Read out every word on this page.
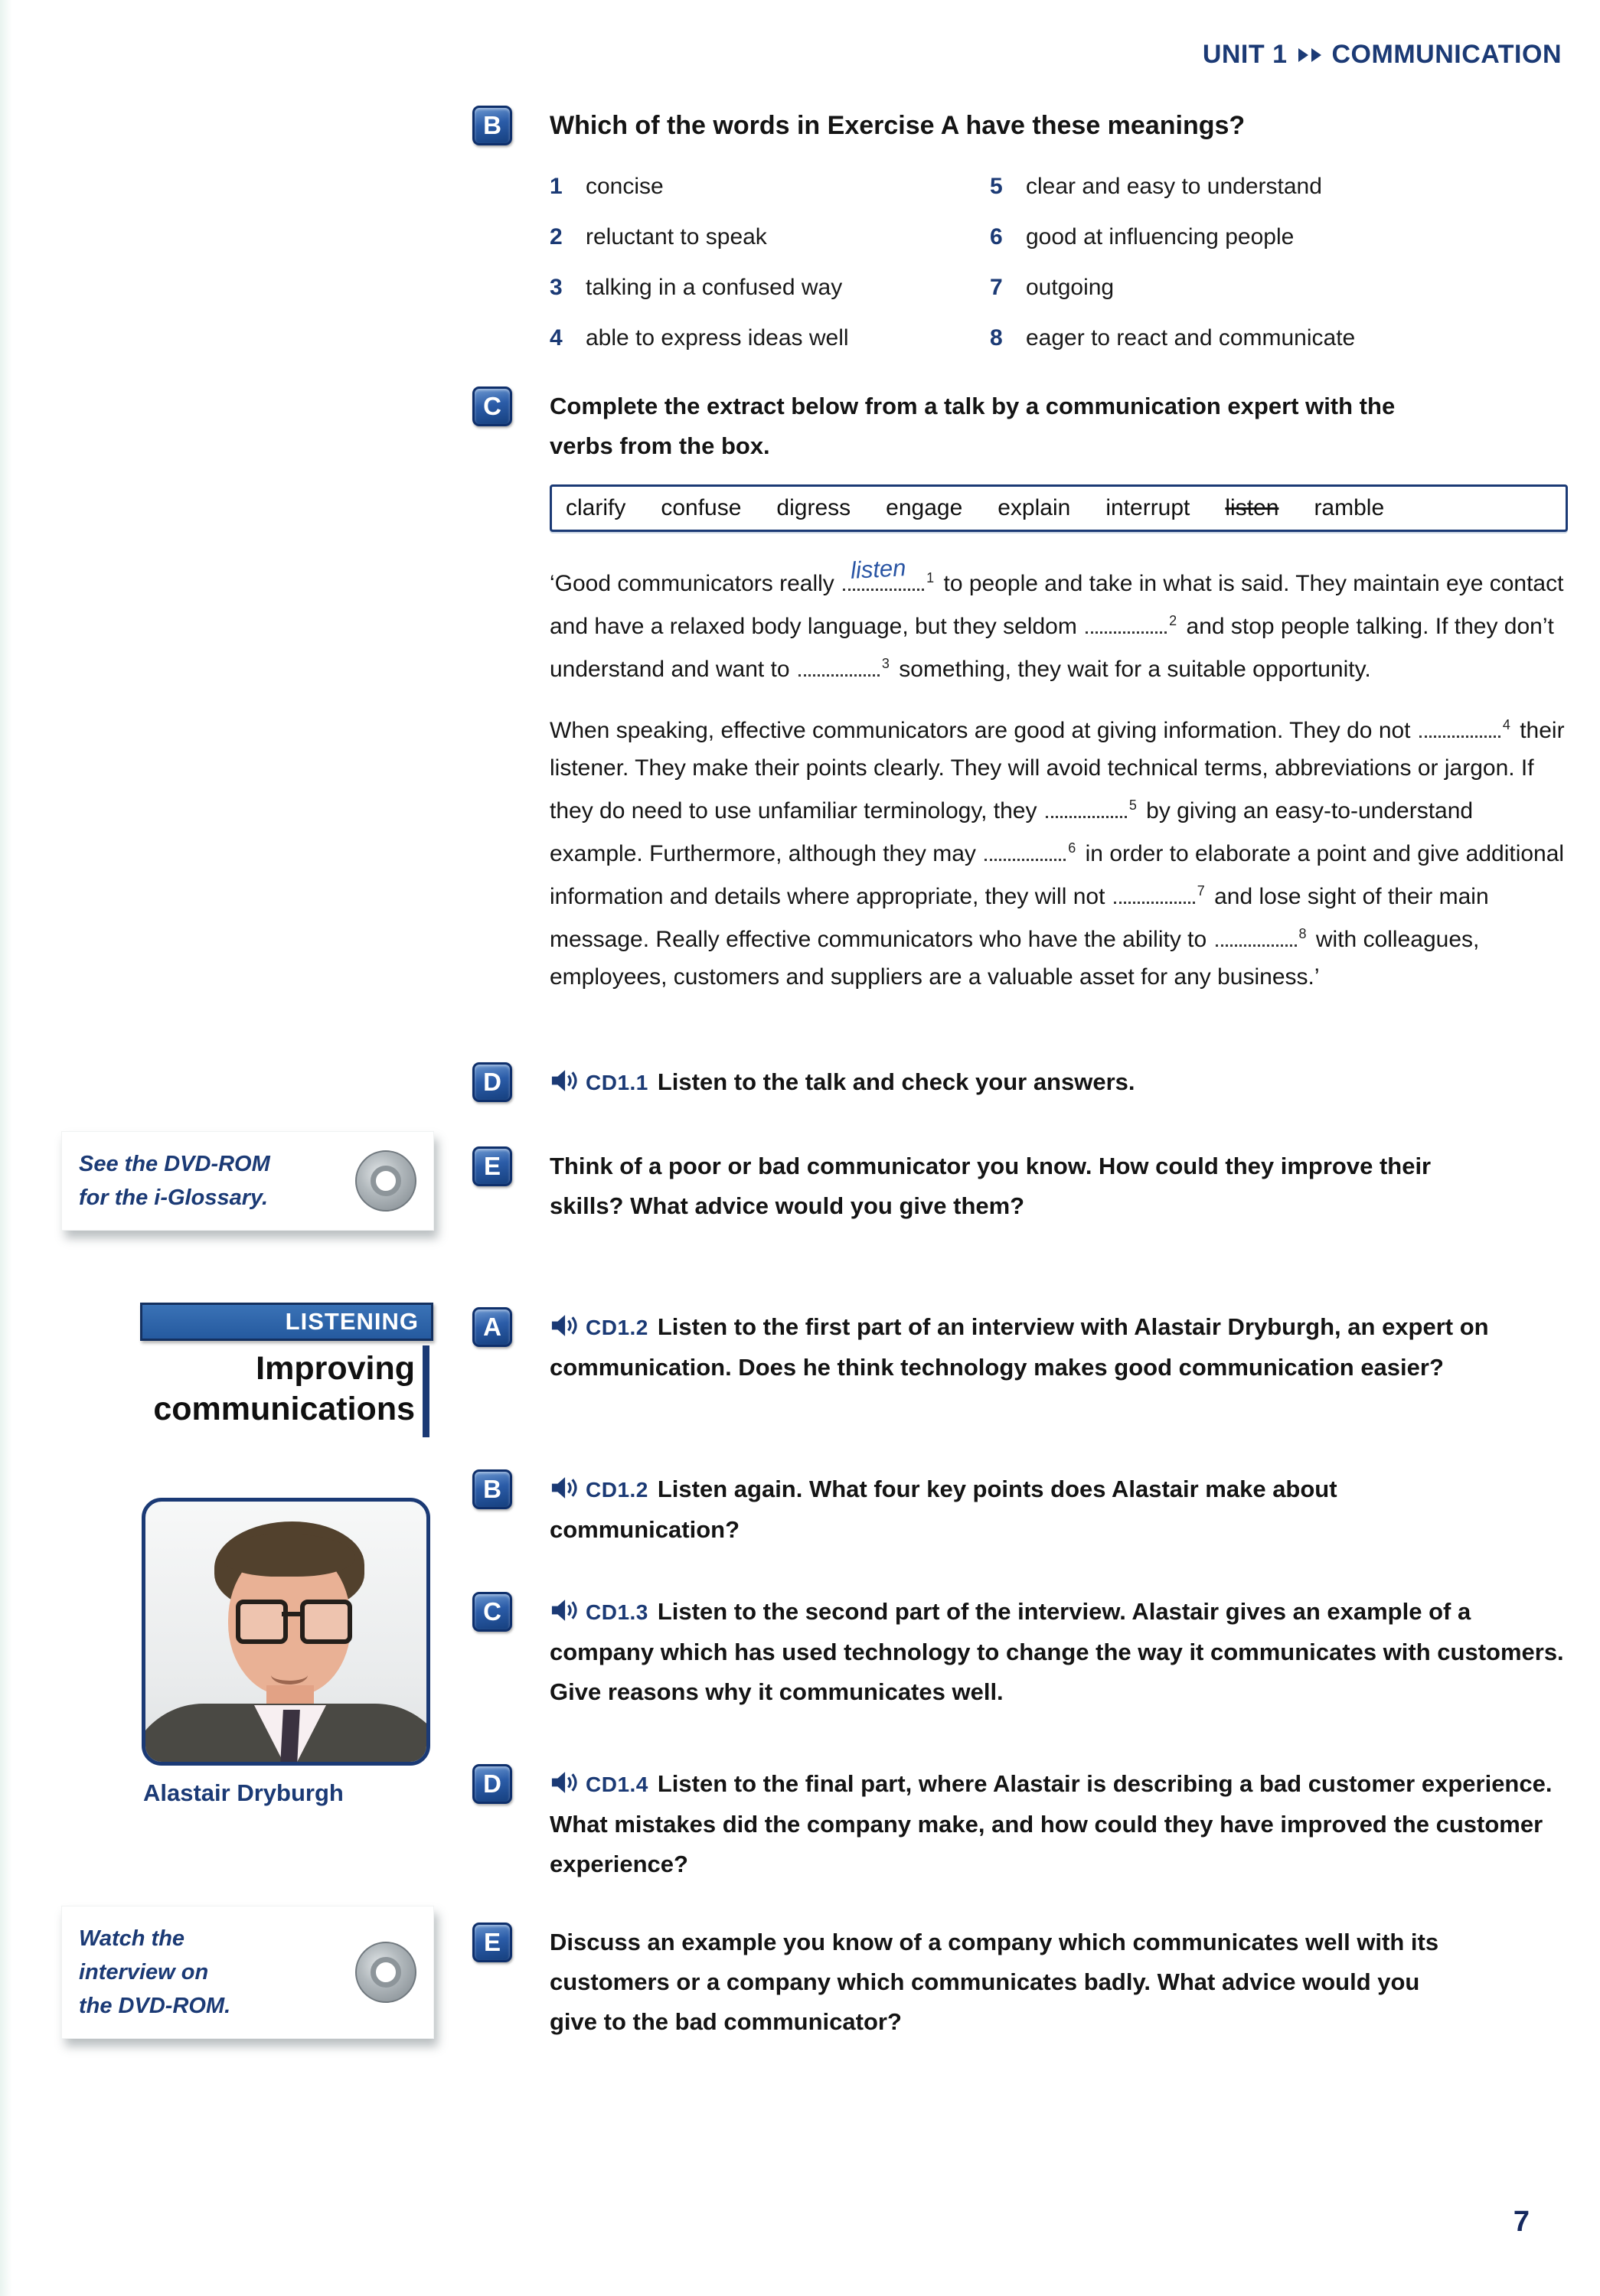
UNIT 1 COMMUNICATION
B	Which of the words in Exercise A have these meanings?
1 concise	5 clear and easy to understand
2 reluctant to speak	6 good at influencing people
3 talking in a confused way	7 outgoing
4 able to express ideas well	8 eager to react and communicate
C	Complete the extract below from a talk by a communication expert with the verbs from the box.
clarify confuse digress engage explain interrupt listen ramble

‘Good communicators really listen $^1$ to people and take in what is said. They maintain eye contact and have a relaxed body language, but they seldom	$^2$ and stop people talking. If they don’t understand and want to	$^3$ something, they wait for a suitable opportunity.

When speaking, effective communicators are good at giving information. They do not	$^4$ their listener. They make their points clearly. They will avoid technical terms, abbreviations or jargon. If they do need to use unfamiliar terminology, they	$^5$ by giving an easy-to-understand example. Furthermore, although they may	$^6$ in order to elaborate a point and give additional information and details where appropriate, they will not	$^7$ and lose sight of their main message. Really effective communicators who have the ability to	$^8$ with colleagues, employees, customers and suppliers are a valuable asset for any business.’

D	CD1.1 Listen to the talk and check your answers.
See the DVD-ROM
for the i-Glossary.
E	Think of a poor or bad communicator you know. How could they improve their skills? What advice would you give them?
LISTENING
Improving
communications
A	CD1.2 Listen to the first part of an interview with Alastair Dryburgh, an expert on communication. Does he think technology makes good communication easier?
B	CD1.2 Listen again. What four key points does Alastair make about communication?
Alastair Dryburgh
C	CD1.3 Listen to the second part of the interview. Alastair gives an example of a company which has used technology to change the way it communicates with customers. Give reasons why it communicates well.
D	CD1.4 Listen to the final part, where Alastair is describing a bad customer experience. What mistakes did the company make, and how could they have improved the customer experience?
Watch the
interview on
the DVD-ROM.
E	Discuss an example you know of a company which communicates well with its customers or a company which communicates badly. What advice would you give to the bad communicator?
7
